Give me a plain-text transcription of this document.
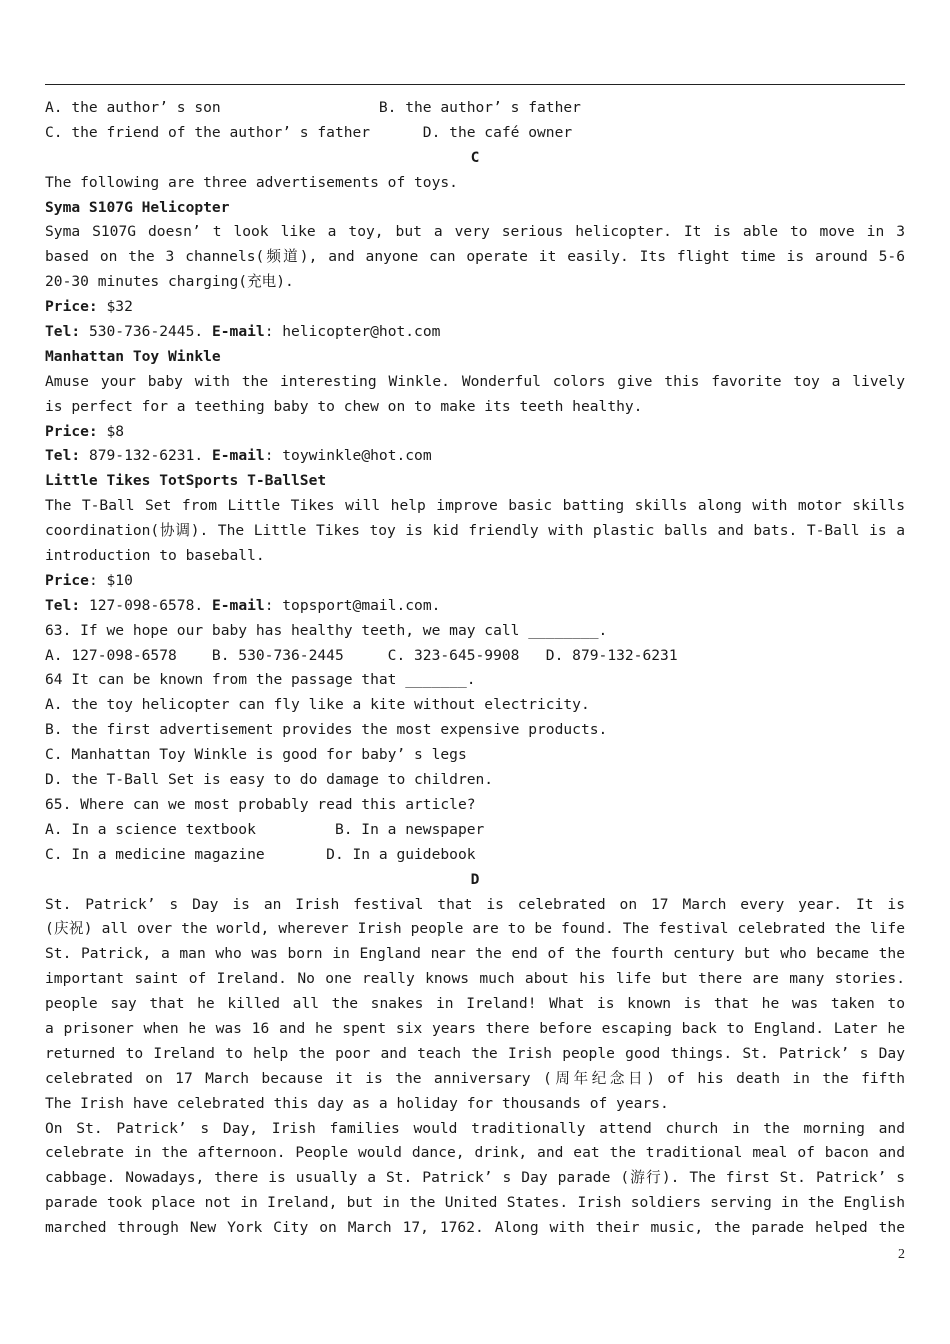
A. the author’ s son                  B. the author’ s father
C. the friend of the author’ s father      D. the café owner
C
The following are three advertisements of toys.
Syma S107G Helicopter
Syma S107G doesn’ t look like a toy, but a very serious helicopter. It is able to move in 3
based on the 3 channels(频道), and anyone can operate it easily. Its flight time is around 5-6
20-30 minutes charging(充电).
Price: $32
Tel: 530-736-2445. E-mail: helicopter@hot.com
Manhattan Toy Winkle
Amuse your baby with the interesting Winkle. Wonderful colors give this favorite toy a lively
is perfect for a teething baby to chew on to make its teeth healthy.
Price: $8
Tel: 879-132-6231. E-mail: toywinkle@hot.com
Little Tikes TotSports T-BallSet
The T-Ball Set from Little Tikes will help improve basic batting skills along with motor skills
coordination(协调). The Little Tikes toy is kid friendly with plastic balls and bats. T-Ball is a
introduction to baseball.
Price: $10
Tel: 127-098-6578. E-mail: topsport@mail.com.
63. If we hope our baby has healthy teeth, we may call ________.
A. 127-098-6578    B. 530-736-2445     C. 323-645-9908   D. 879-132-6231
64 It can be known from the passage that _______.
A. the toy helicopter can fly like a kite without electricity.
B. the first advertisement provides the most expensive products.
C. Manhattan Toy Winkle is good for baby’ s legs
D. the T-Ball Set is easy to do damage to children.
65. Where can we most probably read this article?
A. In a science textbook         B. In a newspaper
C. In a medicine magazine       D. In a guidebook
D
St. Patrick’ s Day is an Irish festival that is celebrated on 17 March every year. It is
(庆祝) all over the world, wherever Irish people are to be found. The festival celebrated the life
St. Patrick, a man who was born in England near the end of the fourth century but who became the
important saint of Ireland. No one really knows much about his life but there are many stories.
people say that he killed all the snakes in Ireland! What is known is that he was taken to
a prisoner when he was 16 and he spent six years there before escaping back to England. Later he
returned to Ireland to help the poor and teach the Irish people good things. St. Patrick’ s Day
celebrated on 17 March because it is the anniversary (周年纪念日) of his death in the fifth
The Irish have celebrated this day as a holiday for thousands of years.
On St. Patrick’ s Day, Irish families would traditionally attend church in the morning and
celebrate in the afternoon. People would dance, drink, and eat the traditional meal of bacon and
cabbage. Nowadays, there is usually a St. Patrick’ s Day parade (游行). The first St. Patrick’ s
parade took place not in Ireland, but in the United States. Irish soldiers serving in the English
marched through New York City on March 17, 1762. Along with their music, the parade helped the
2
